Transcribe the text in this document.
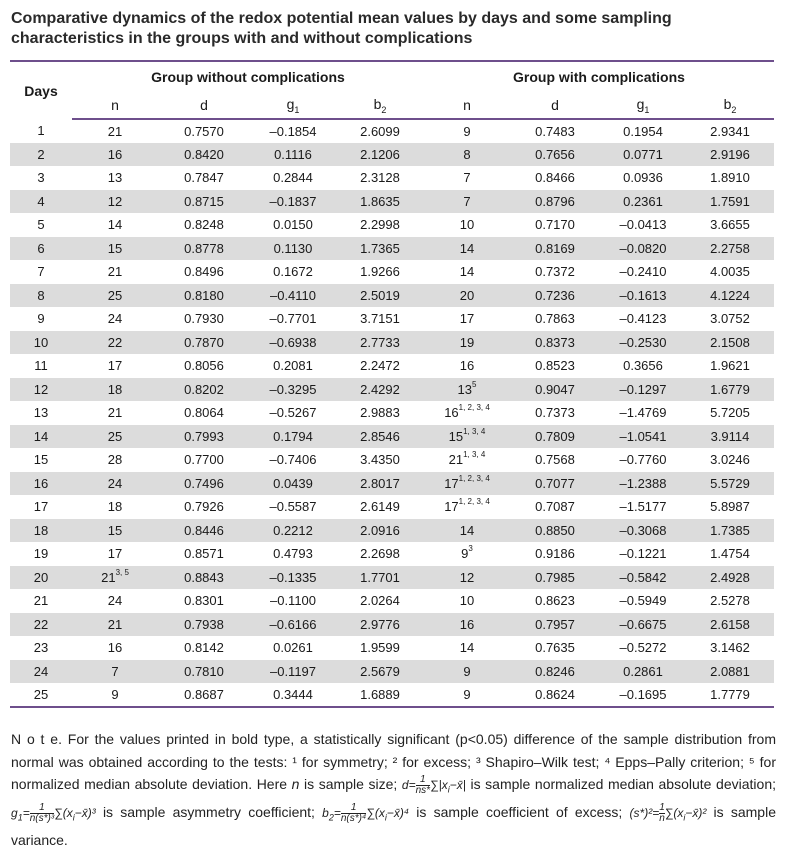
Comparative dynamics of the redox potential mean values by days and some sampling characteristics in the groups with and without complications
Days	Group without complications				Group with complications			
	n	d	$g_1$	$b_2$	n	d	$g_1$	$b_2$
1	21	0.7570	–0.1854	2.6099	9	0.7483	0.1954	2.9341
2	16	0.8420	0.1116	2.1206	8	0.7656	0.0771	2.9196
3	13	0.7847	0.2844	2.3128	7	0.8466	0.0936	1.8910
4	12	0.8715	–0.1837	1.8635	7	0.8796	0.2361	1.7591
5	14	0.8248	0.0150	2.2998	10	0.7170	–0.0413	3.6655
6	15	0.8778	0.1130	1.7365	14	0.8169	–0.0820	2.2758
7	21	0.8496	0.1672	1.9266	14	0.7372	–0.2410	4.0035
8	25	0.8180	–0.4110	2.5019	20	0.7236	–0.1613	4.1224
9	24	0.7930	–0.7701	3.7151	17	0.7863	–0.4123	3.0752
10	22	0.7870	–0.6938	2.7733	19	0.8373	–0.2530	2.1508
11	17	0.8056	0.2081	2.2472	16	0.8523	0.3656	1.9621
12	18	0.8202	–0.3295	2.4292	$13^5$	0.9047	–0.1297	1.6779
13	21	0.8064	–0.5267	2.9883	16$^{1, 2, 3, 4}$	0.7373	–1.4769	5.7205
14	25	0.7993	0.1794	2.8546	15$^{1, 3, 4}$	0.7809	–1.0541	3.9114
15	28	0.7700	–0.7406	3.4350	21$^{1, 3, 4}$	0.7568	–0.7760	3.0246
16	24	0.7496	0.0439	2.8017	17$^{1, 2, 3, 4}$	0.7077	–1.2388	5.5729
17	18	0.7926	–0.5587	2.6149	17$^{1, 2, 3, 4}$	0.7087	–1.5177	5.8987
18	15	0.8446	0.2212	2.0916	14	0.8850	–0.3068	1.7385
19	17	0.8571	0.4793	2.2698	$9^3$	0.9186	–0.1221	1.4754
20	21$^{3, 5}$	0.8843	–0.1335	1.7701	12	0.7985	–0.5842	2.4928
21	24	0.8301	–0.1100	2.0264	10	0.8623	–0.5949	2.5278
22	21	0.7938	–0.6166	2.9776	16	0.7957	–0.6675	2.6158
23	16	0.8142	0.0261	1.9599	14	0.7635	–0.5272	3.1462
24	7	0.7810	–0.1197	2.5679	9	0.8246	0.2861	2.0881
25	9	0.8687	0.3444	1.6889	9	0.8624	–0.1695	1.7779
N o t e. For the values printed in bold type, a statistically significant (p<0.05) difference of the sample distribution from normal was obtained according to the tests: ¹ for symmetry; ² for excess; ³ Shapiro–Wilk test; ⁴ Epps–Pally criterion; ⁵ for normalized median absolute deviation. Here n is sample size; $d= \frac{1}{ns*}$ $\sum|x_i-x̄|$ is sample normalized median absolute deviation; $g_1= \frac{1}{\text{n(s*)³}}$ $\sum(x_i-x̄)^3$ is sample asymmetry coefficient; $b_2= \frac{1}{\text{n(s*)⁴}}$ $\sum(x_i-x̄)^4$ is sample coefficient of excess; $(s*)^2= \frac{1}{n}$ $\sum(x_i-x̄)^2$ is sample variance.
